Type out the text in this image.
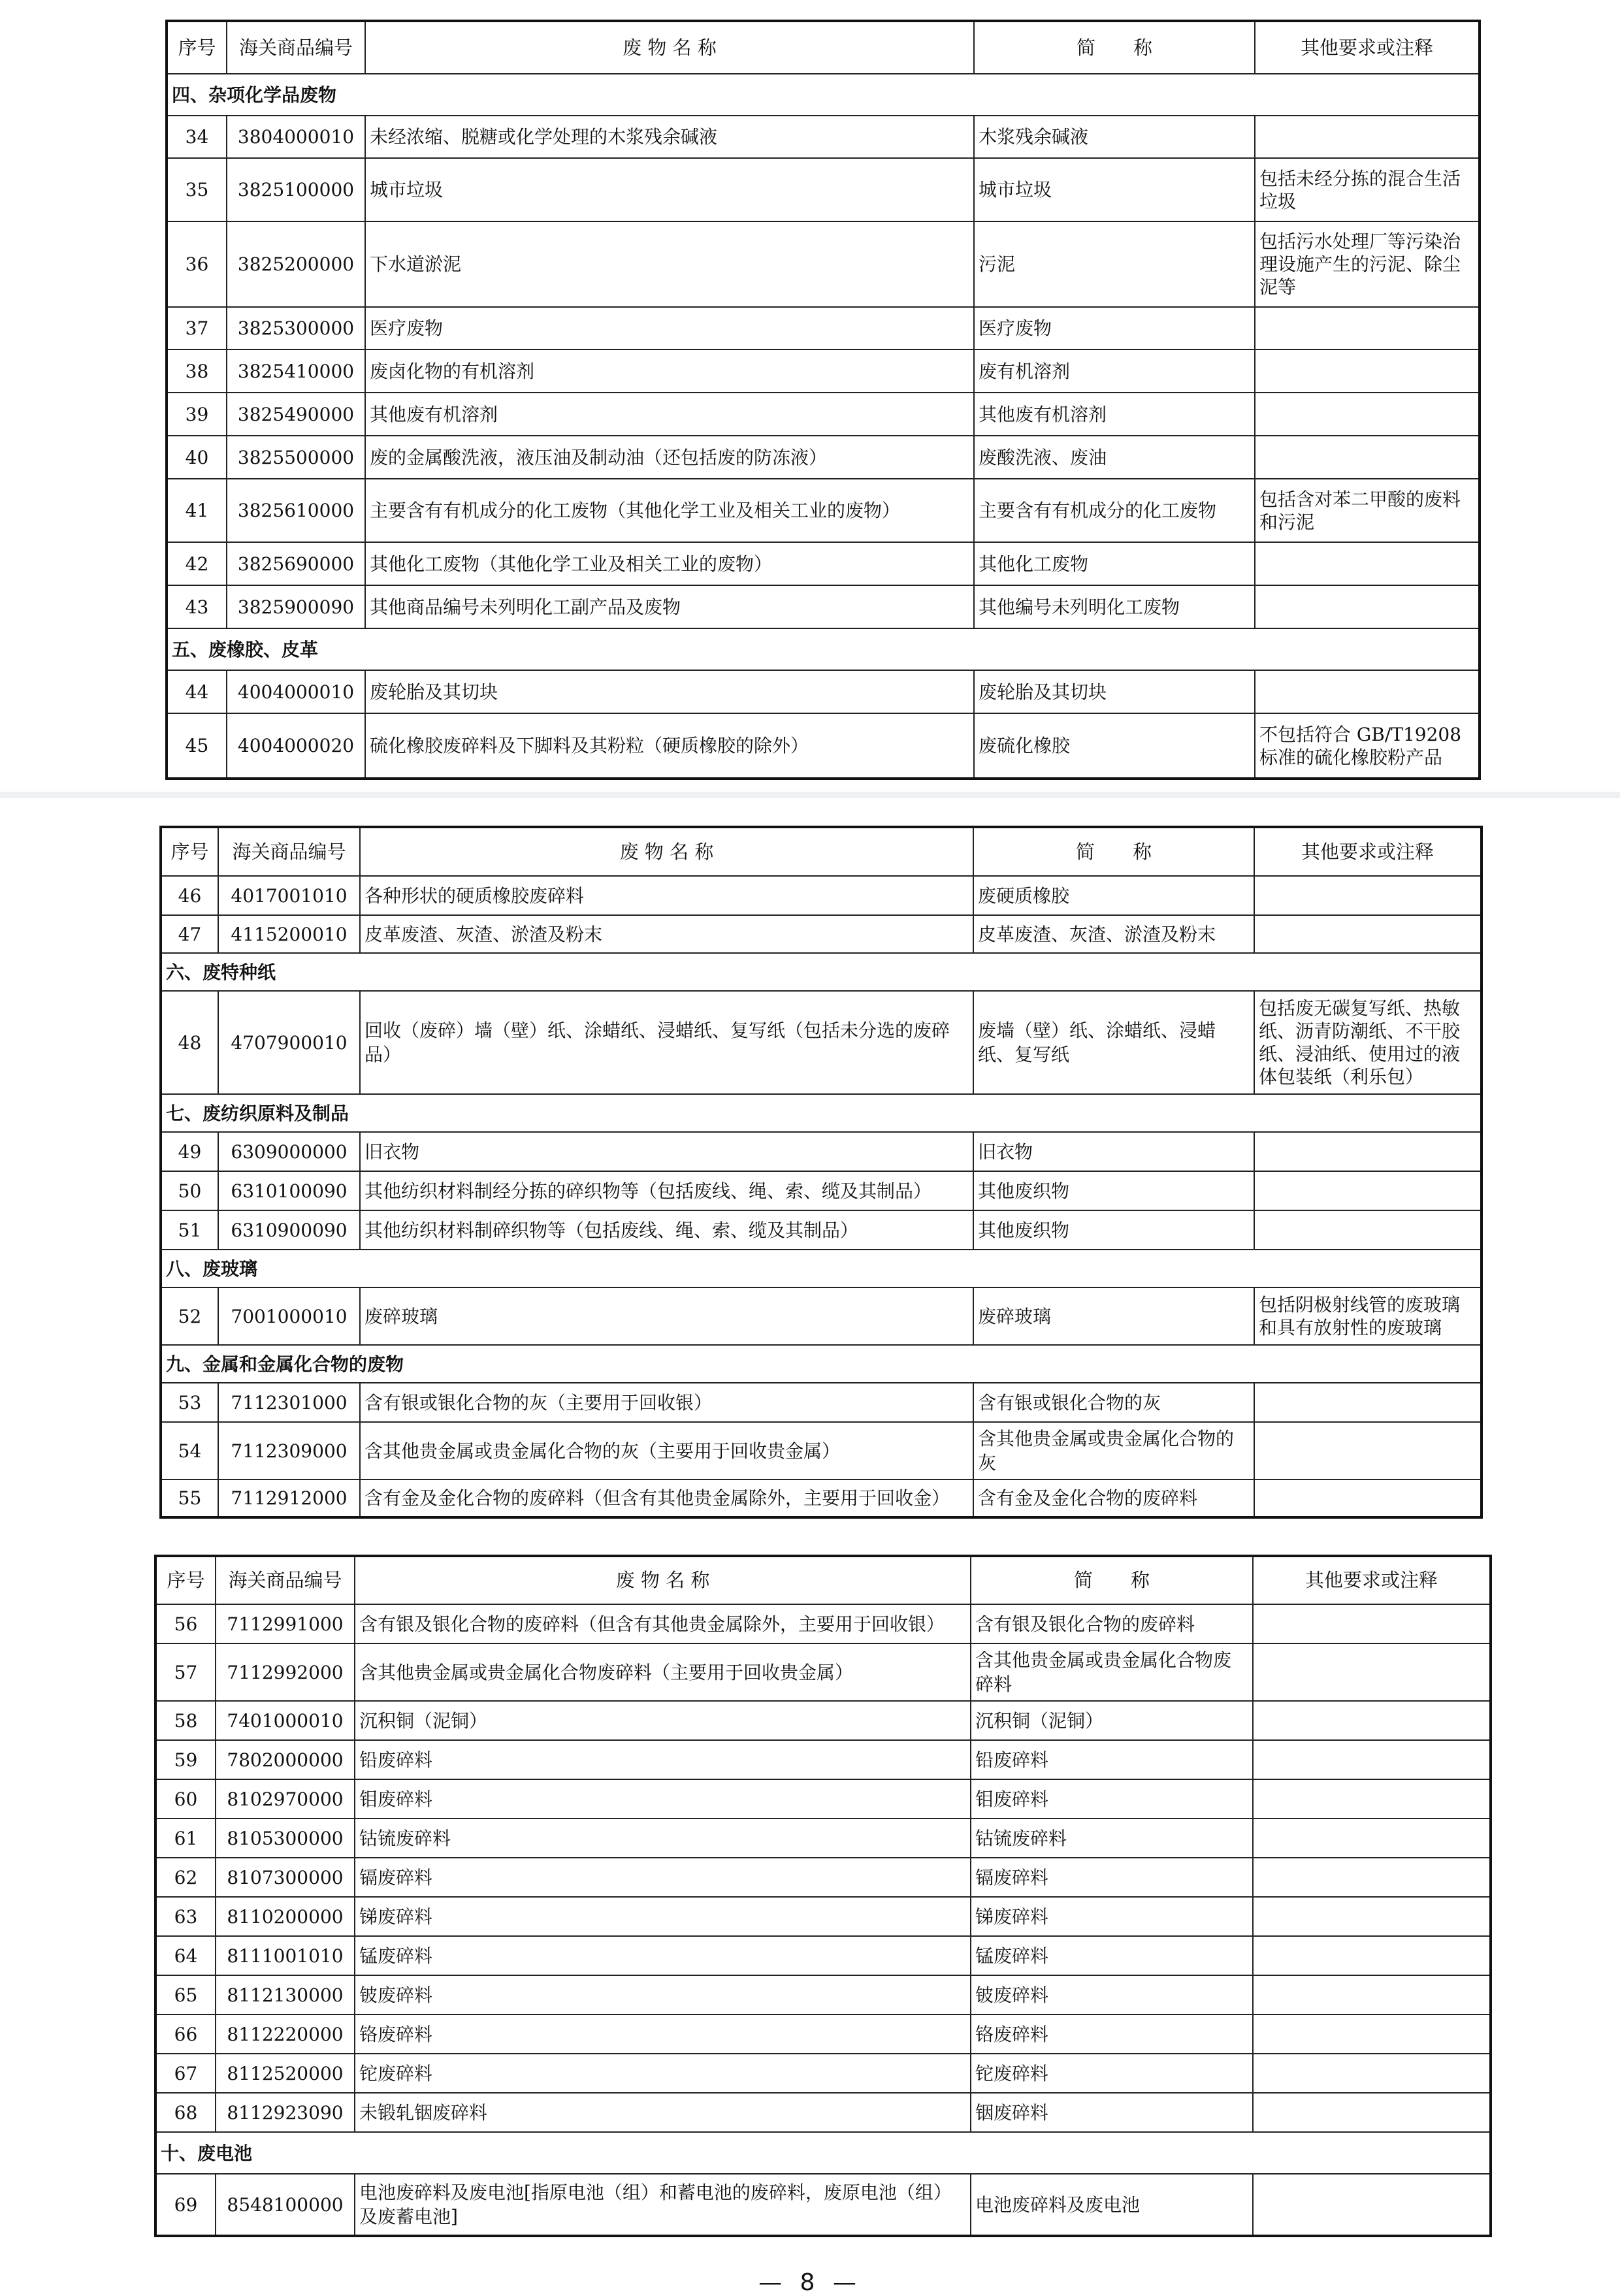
序号	海关商品编号	废 物 名 称	简　　称	其他要求或注释
四、杂项化学品废物				
34	3804000010	未经浓缩、脱糖或化学处理的木浆残余碱液	木浆残余碱液	
35	3825100000	城市垃圾	城市垃圾	包括未经分拣的混合生活垃圾
36	3825200000	下水道淤泥	污泥	包括污水处理厂等污染治理设施产生的污泥、除尘泥等
37	3825300000	医疗废物	医疗废物	
38	3825410000	废卤化物的有机溶剂	废有机溶剂	
39	3825490000	其他废有机溶剂	其他废有机溶剂	
40	3825500000	废的金属酸洗液，液压油及制动油（还包括废的防冻液）	废酸洗液、废油	
41	3825610000	主要含有有机成分的化工废物（其他化学工业及相关工业的废物）	主要含有有机成分的化工废物	包括含对苯二甲酸的废料和污泥
42	3825690000	其他化工废物（其他化学工业及相关工业的废物）	其他化工废物	
43	3825900090	其他商品编号未列明化工副产品及废物	其他编号未列明化工废物	
五、废橡胶、皮革				
44	4004000010	废轮胎及其切块	废轮胎及其切块	
45	4004000020	硫化橡胶废碎料及下脚料及其粉粒（硬质橡胶的除外）	废硫化橡胶	不包括符合 GB/T19208 标准的硫化橡胶粉产品
序号	海关商品编号	废 物 名 称	简　　称	其他要求或注释
46	4017001010	各种形状的硬质橡胶废碎料	废硬质橡胶	
47	4115200010	皮革废渣、灰渣、淤渣及粉末	皮革废渣、灰渣、淤渣及粉末	
六、废特种纸				
48	4707900010	回收（废碎）墙（壁）纸、涂蜡纸、浸蜡纸、复写纸（包括未分选的废碎品）	废墙（壁）纸、涂蜡纸、浸蜡纸、复写纸	包括废无碳复写纸、热敏纸、沥青防潮纸、不干胶纸、浸油纸、使用过的液体包装纸（利乐包）
七、废纺织原料及制品				
49	6309000000	旧衣物	旧衣物	
50	6310100090	其他纺织材料制经分拣的碎织物等（包括废线、绳、索、缆及其制品）	其他废织物	
51	6310900090	其他纺织材料制碎织物等（包括废线、绳、索、缆及其制品）	其他废织物	
八、废玻璃				
52	7001000010	废碎玻璃	废碎玻璃	包括阴极射线管的废玻璃和具有放射性的废玻璃
九、金属和金属化合物的废物				
53	7112301000	含有银或银化合物的灰（主要用于回收银）	含有银或银化合物的灰	
54	7112309000	含其他贵金属或贵金属化合物的灰（主要用于回收贵金属）	含其他贵金属或贵金属化合物的灰	
55	7112912000	含有金及金化合物的废碎料（但含有其他贵金属除外，主要用于回收金）	含有金及金化合物的废碎料	
序号	海关商品编号	废 物 名 称	简　　称	其他要求或注释
56	7112991000	含有银及银化合物的废碎料（但含有其他贵金属除外，主要用于回收银）	含有银及银化合物的废碎料	
57	7112992000	含其他贵金属或贵金属化合物废碎料（主要用于回收贵金属）	含其他贵金属或贵金属化合物废碎料	
58	7401000010	沉积铜（泥铜）	沉积铜（泥铜）	
59	7802000000	铅废碎料	铅废碎料	
60	8102970000	钼废碎料	钼废碎料	
61	8105300000	钴锍废碎料	钴锍废碎料	
62	8107300000	镉废碎料	镉废碎料	
63	8110200000	锑废碎料	锑废碎料	
64	8111001010	锰废碎料	锰废碎料	
65	8112130000	铍废碎料	铍废碎料	
66	8112220000	铬废碎料	铬废碎料	
67	8112520000	铊废碎料	铊废碎料	
68	8112923090	未锻轧铟废碎料	铟废碎料	
十、废电池				
69	8548100000	电池废碎料及废电池[指原电池（组）和蓄电池的废碎料，废原电池（组）及废蓄电池]	电池废碎料及废电池	
— 8 —
